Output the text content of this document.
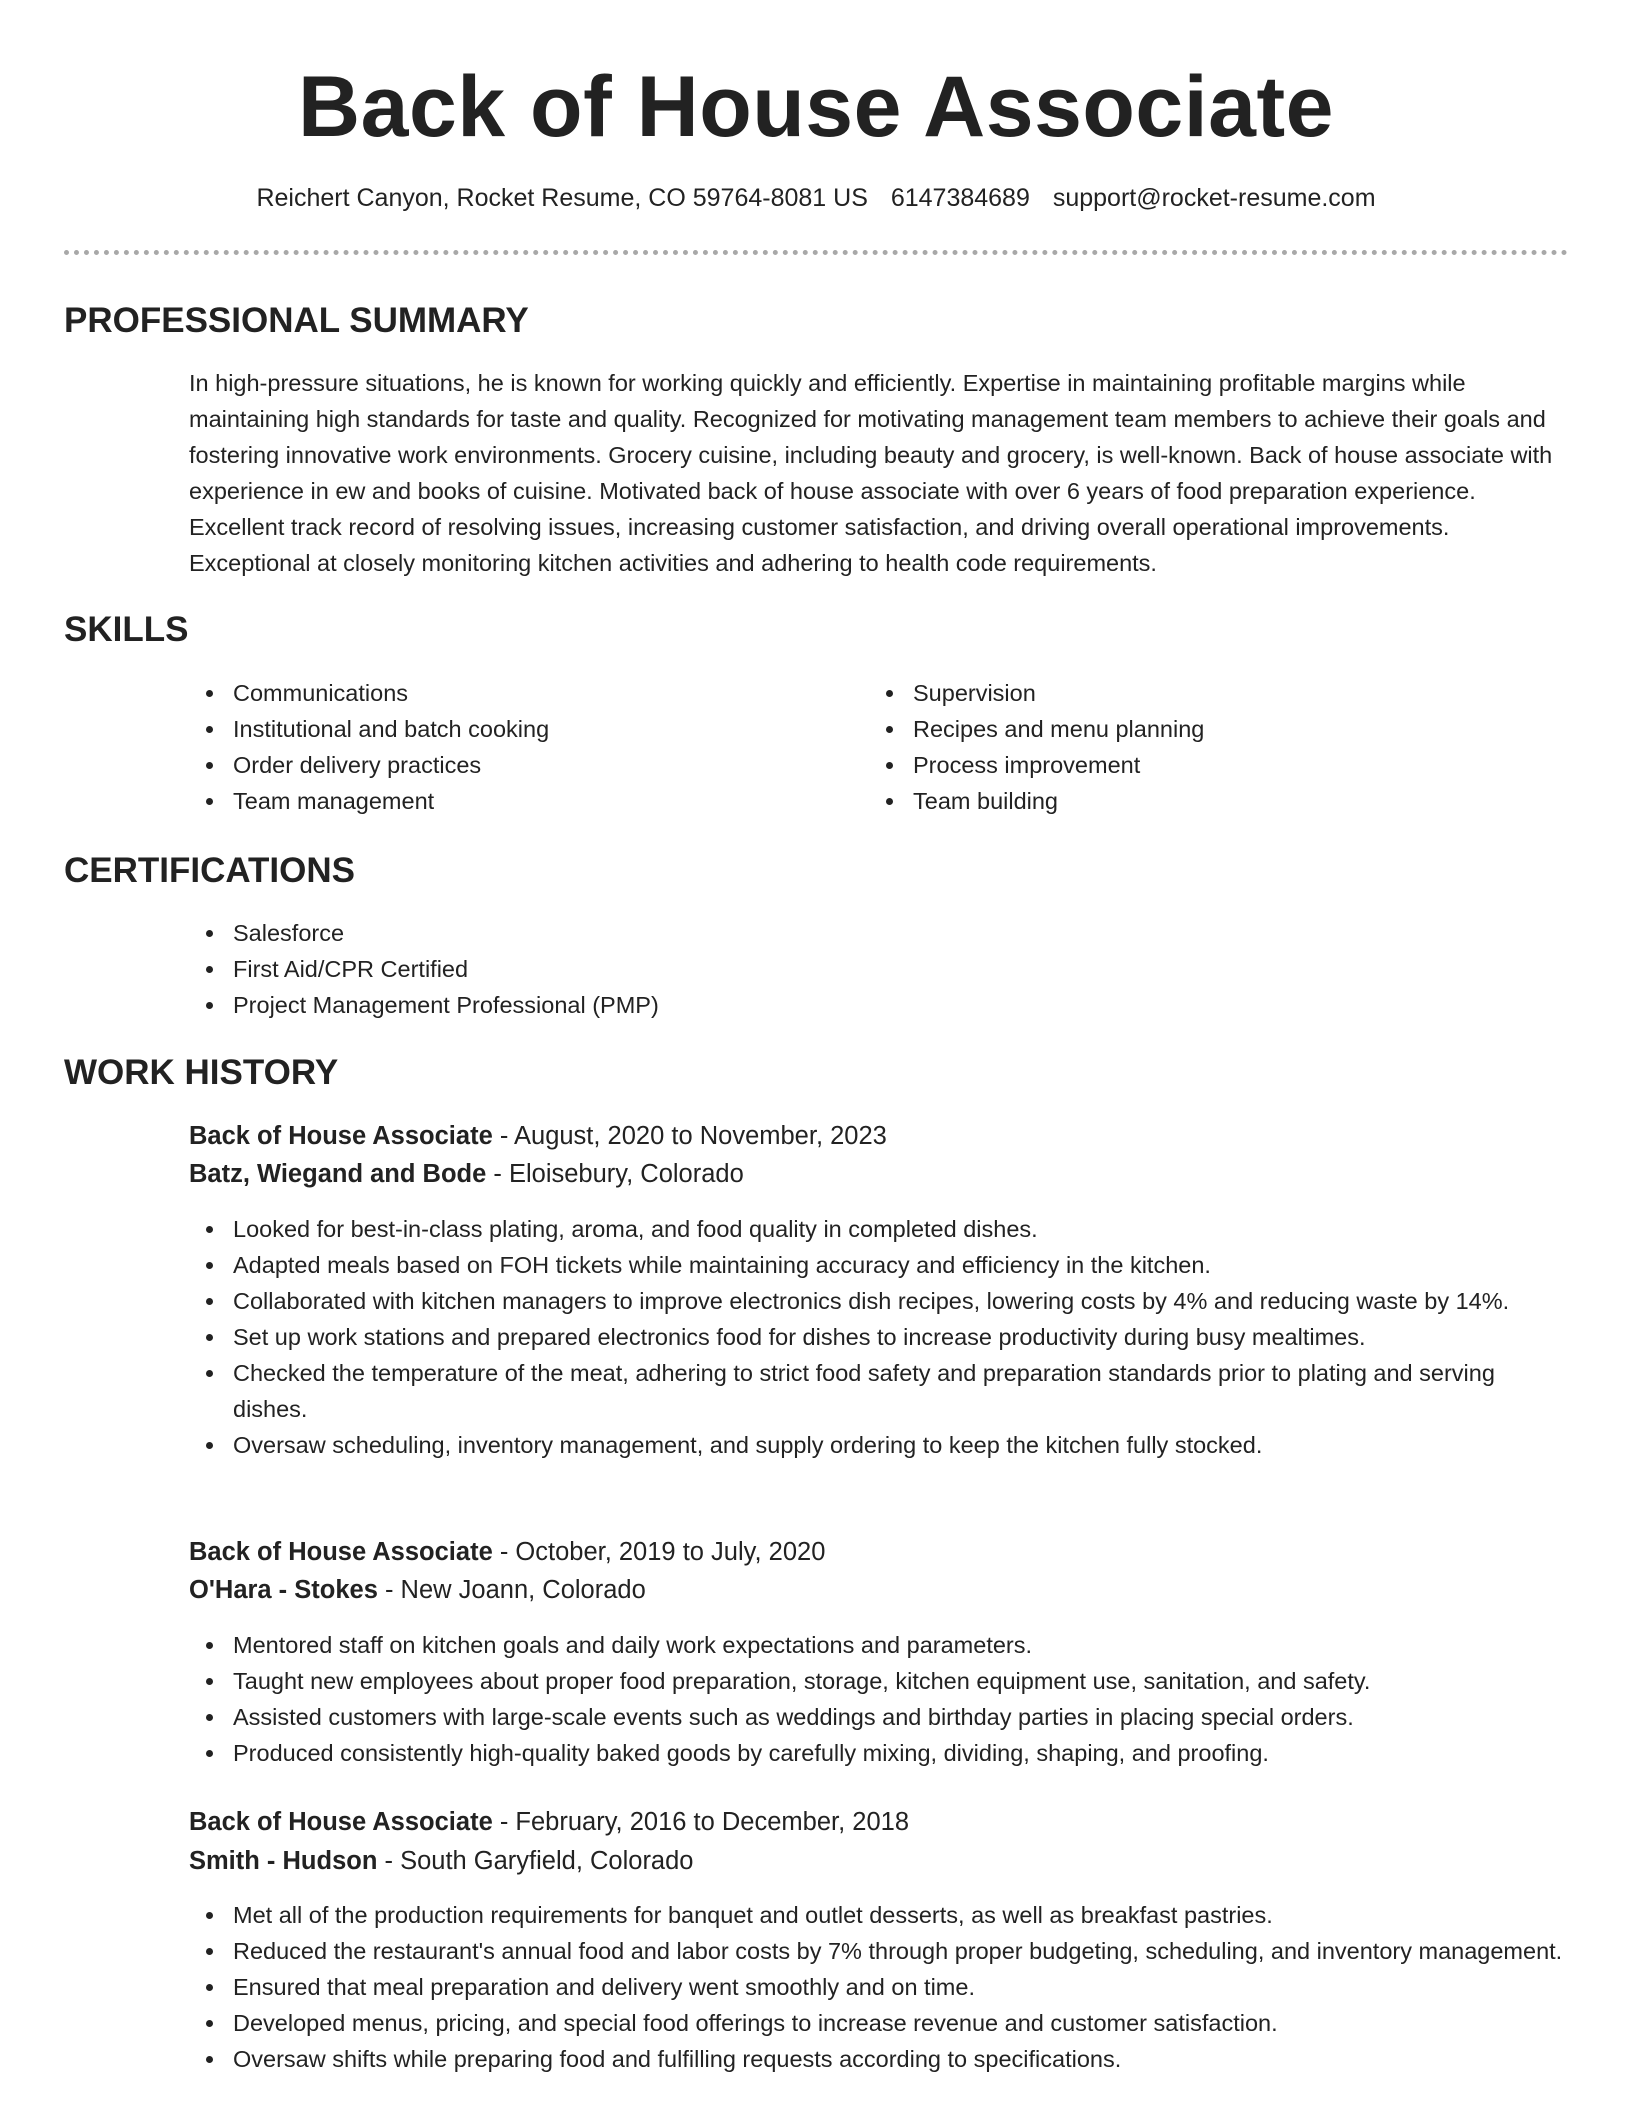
Back of House Associate
Reichert Canyon, Rocket Resume, CO 59764-8081 US 6147384689 support@rocket-resume.com
PROFESSIONAL SUMMARY
In high-pressure situations, he is known for working quickly and efficiently. Expertise in maintaining profitable margins while maintaining high standards for taste and quality. Recognized for motivating management team members to achieve their goals and fostering innovative work environments. Grocery cuisine, including beauty and grocery, is well-known. Back of house associate with experience in ew and books of cuisine. Motivated back of house associate with over 6 years of food preparation experience. Excellent track record of resolving issues, increasing customer satisfaction, and driving overall operational improvements. Exceptional at closely monitoring kitchen activities and adhering to health code requirements.
SKILLS
Communications
Institutional and batch cooking
Order delivery practices
Team management
Supervision
Recipes and menu planning
Process improvement
Team building
CERTIFICATIONS
Salesforce
First Aid/CPR Certified
Project Management Professional (PMP)
WORK HISTORY
Back of House Associate - August, 2020 to November, 2023
Batz, Wiegand and Bode - Eloisebury, Colorado
Looked for best-in-class plating, aroma, and food quality in completed dishes.
Adapted meals based on FOH tickets while maintaining accuracy and efficiency in the kitchen.
Collaborated with kitchen managers to improve electronics dish recipes, lowering costs by 4% and reducing waste by 14%.
Set up work stations and prepared electronics food for dishes to increase productivity during busy mealtimes.
Checked the temperature of the meat, adhering to strict food safety and preparation standards prior to plating and serving dishes.
Oversaw scheduling, inventory management, and supply ordering to keep the kitchen fully stocked.
Back of House Associate - October, 2019 to July, 2020
O'Hara - Stokes - New Joann, Colorado
Mentored staff on kitchen goals and daily work expectations and parameters.
Taught new employees about proper food preparation, storage, kitchen equipment use, sanitation, and safety.
Assisted customers with large-scale events such as weddings and birthday parties in placing special orders.
Produced consistently high-quality baked goods by carefully mixing, dividing, shaping, and proofing.
Back of House Associate - February, 2016 to December, 2018
Smith - Hudson - South Garyfield, Colorado
Met all of the production requirements for banquet and outlet desserts, as well as breakfast pastries.
Reduced the restaurant's annual food and labor costs by 7% through proper budgeting, scheduling, and inventory management.
Ensured that meal preparation and delivery went smoothly and on time.
Developed menus, pricing, and special food offerings to increase revenue and customer satisfaction.
Oversaw shifts while preparing food and fulfilling requests according to specifications.
